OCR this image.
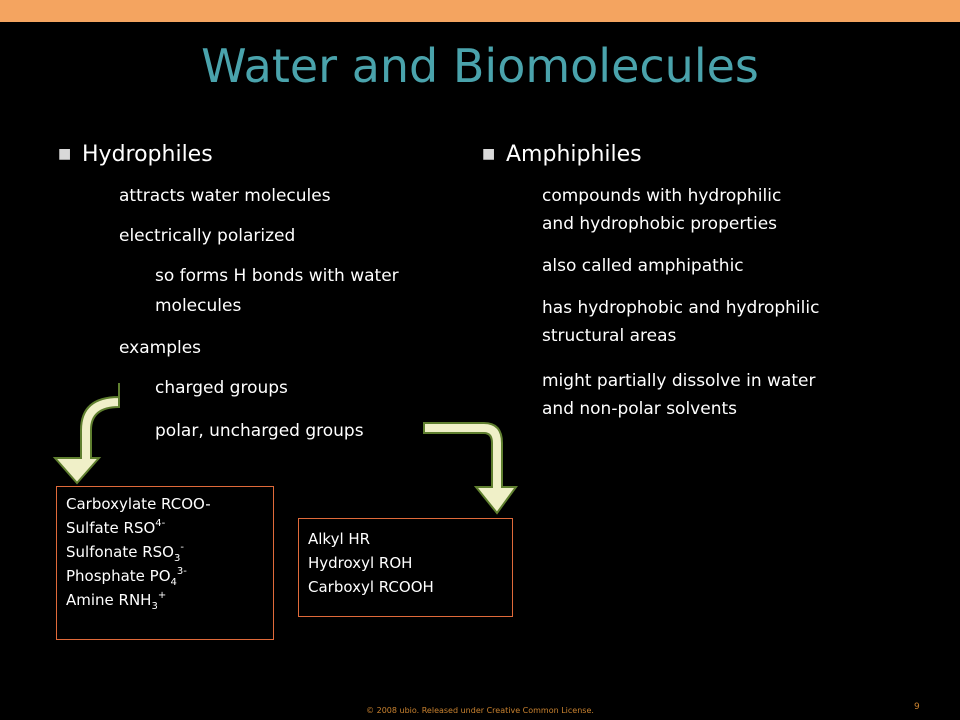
Water and Biomolecules
■ Hydrophiles
attracts water molecules
electrically polarized
so forms H bonds with water
molecules
examples
charged groups
polar, uncharged groups
■ Amphiphiles
compounds with hydrophilic
and hydrophobic properties
also called amphipathic
has hydrophobic and hydrophilic
structural areas
might partially dissolve in water
and non-polar solvents
Carboxylate RCOO-
Sulfate $RSO^{4-}$
Sulfonate $RSO_3^-$
Phosphate $PO_4^{3-}$
Amine $RNH_3^+$
Alkyl HR
Hydroxyl ROH
Carboxyl RCOOH
© 2008 ubio. Released under Creative Common License.	9
